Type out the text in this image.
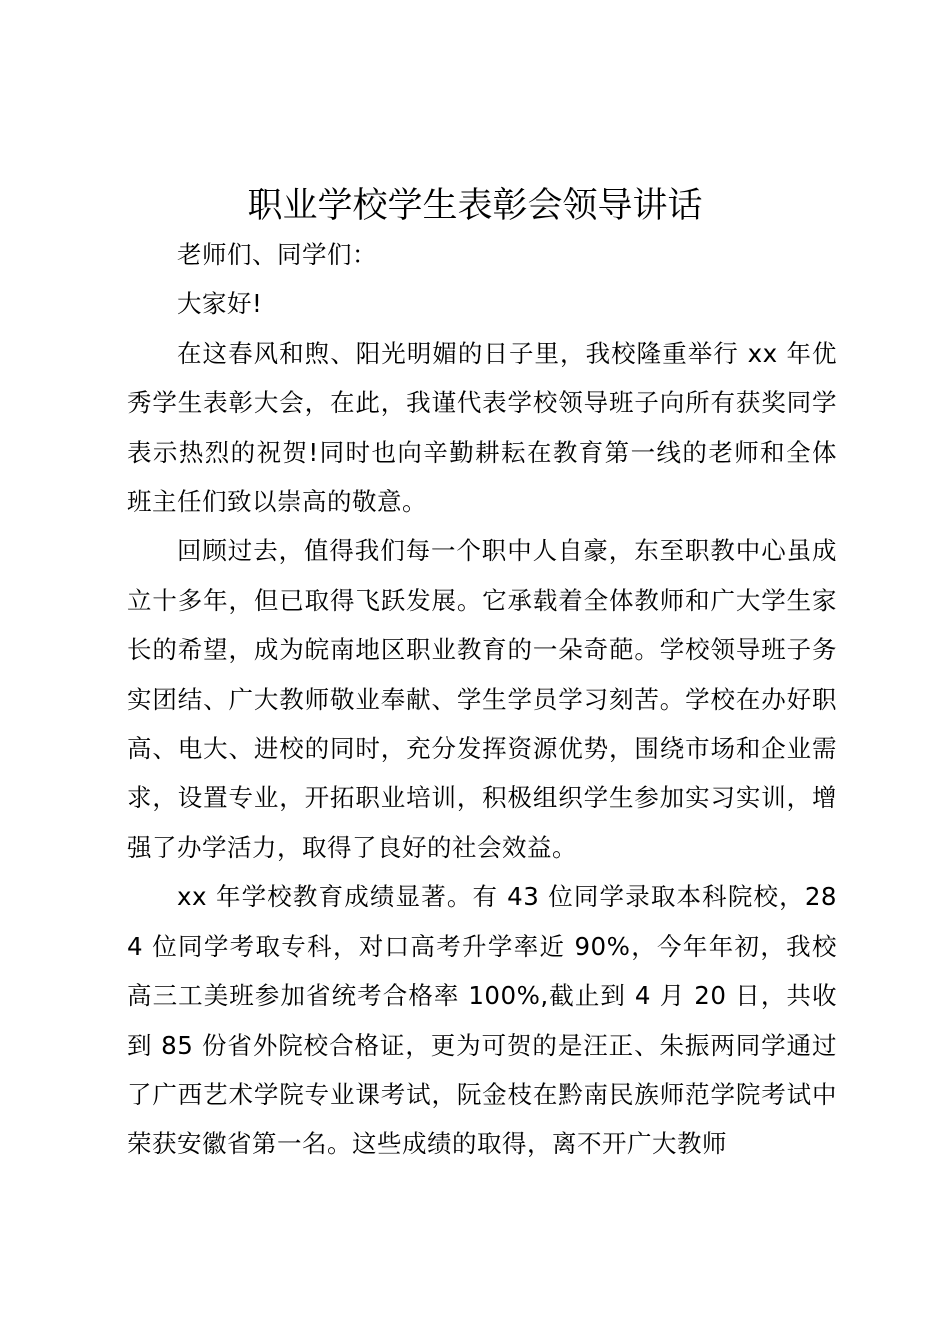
职业学校学生表彰会领导讲话

老师们、同学们：

大家好!

在这春风和煦、阳光明媚的日子里，我校隆重举行 xx 年优秀学生表彰大会，在此，我谨代表学校领导班子向所有获奖同学表示热烈的祝贺!同时也向辛勤耕耘在教育第一线的老师和全体班主任们致以崇高的敬意。

回顾过去，值得我们每一个职中人自豪，东至职教中心虽成立十多年，但已取得飞跃发展。它承载着全体教师和广大学生家长的希望，成为皖南地区职业教育的一朵奇葩。学校领导班子务实团结、广大教师敬业奉献、学生学员学习刻苦。学校在办好职高、电大、进校的同时，充分发挥资源优势，围绕市场和企业需求，设置专业，开拓职业培训，积极组织学生参加实习实训，增强了办学活力，取得了良好的社会效益。

xx 年学校教育成绩显著。有 43 位同学录取本科院校，284 位同学考取专科，对口高考升学率近 90%，今年年初，我校高三工美班参加省统考合格率 100%,截止到 4 月 20 日，共收到 85 份省外院校合格证，更为可贺的是汪正、朱振两同学通过了广西艺术学院专业课考试，阮金枝在黔南民族师范学院考试中荣获安徽省第一名。这些成绩的取得，离不开广大教师
